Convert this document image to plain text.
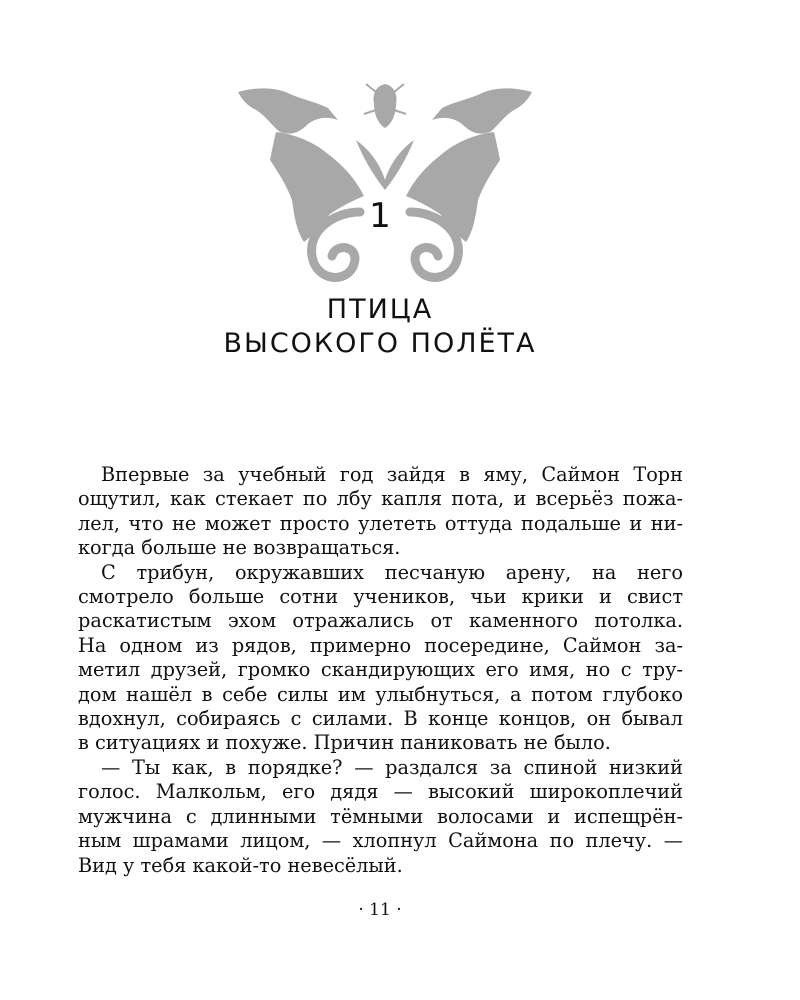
1
ПТИЦА
ВЫСОКОГО ПОЛЁТА
Впервые за учебный год зайдя в яму, Саймон Торн
ощутил, как стекает по лбу капля пота, и всерьёз пожа-
лел, что не может просто улететь оттуда подальше и ни-
когда больше не возвращаться.
С трибун, окружавших песчаную арену, на него
смотрело больше сотни учеников, чьи крики и свист
раскатистым эхом отражались от каменного потолка.
На одном из рядов, примерно посередине, Саймон за-
метил друзей, громко скандирующих его имя, но с тру-
дом нашёл в себе силы им улыбнуться, а потом глубоко
вдохнул, собираясь с силами. В конце концов, он бывал
в ситуациях и похуже. Причин паниковать не было.
— Ты как, в порядке? — раздался за спиной низкий
голос. Малкольм, его дядя — высокий широкоплечий
мужчина с длинными тёмными волосами и испещрён-
ным шрамами лицом, — хлопнул Саймона по плечу. —
Вид у тебя какой-то невесёлый.
· 11 ·
